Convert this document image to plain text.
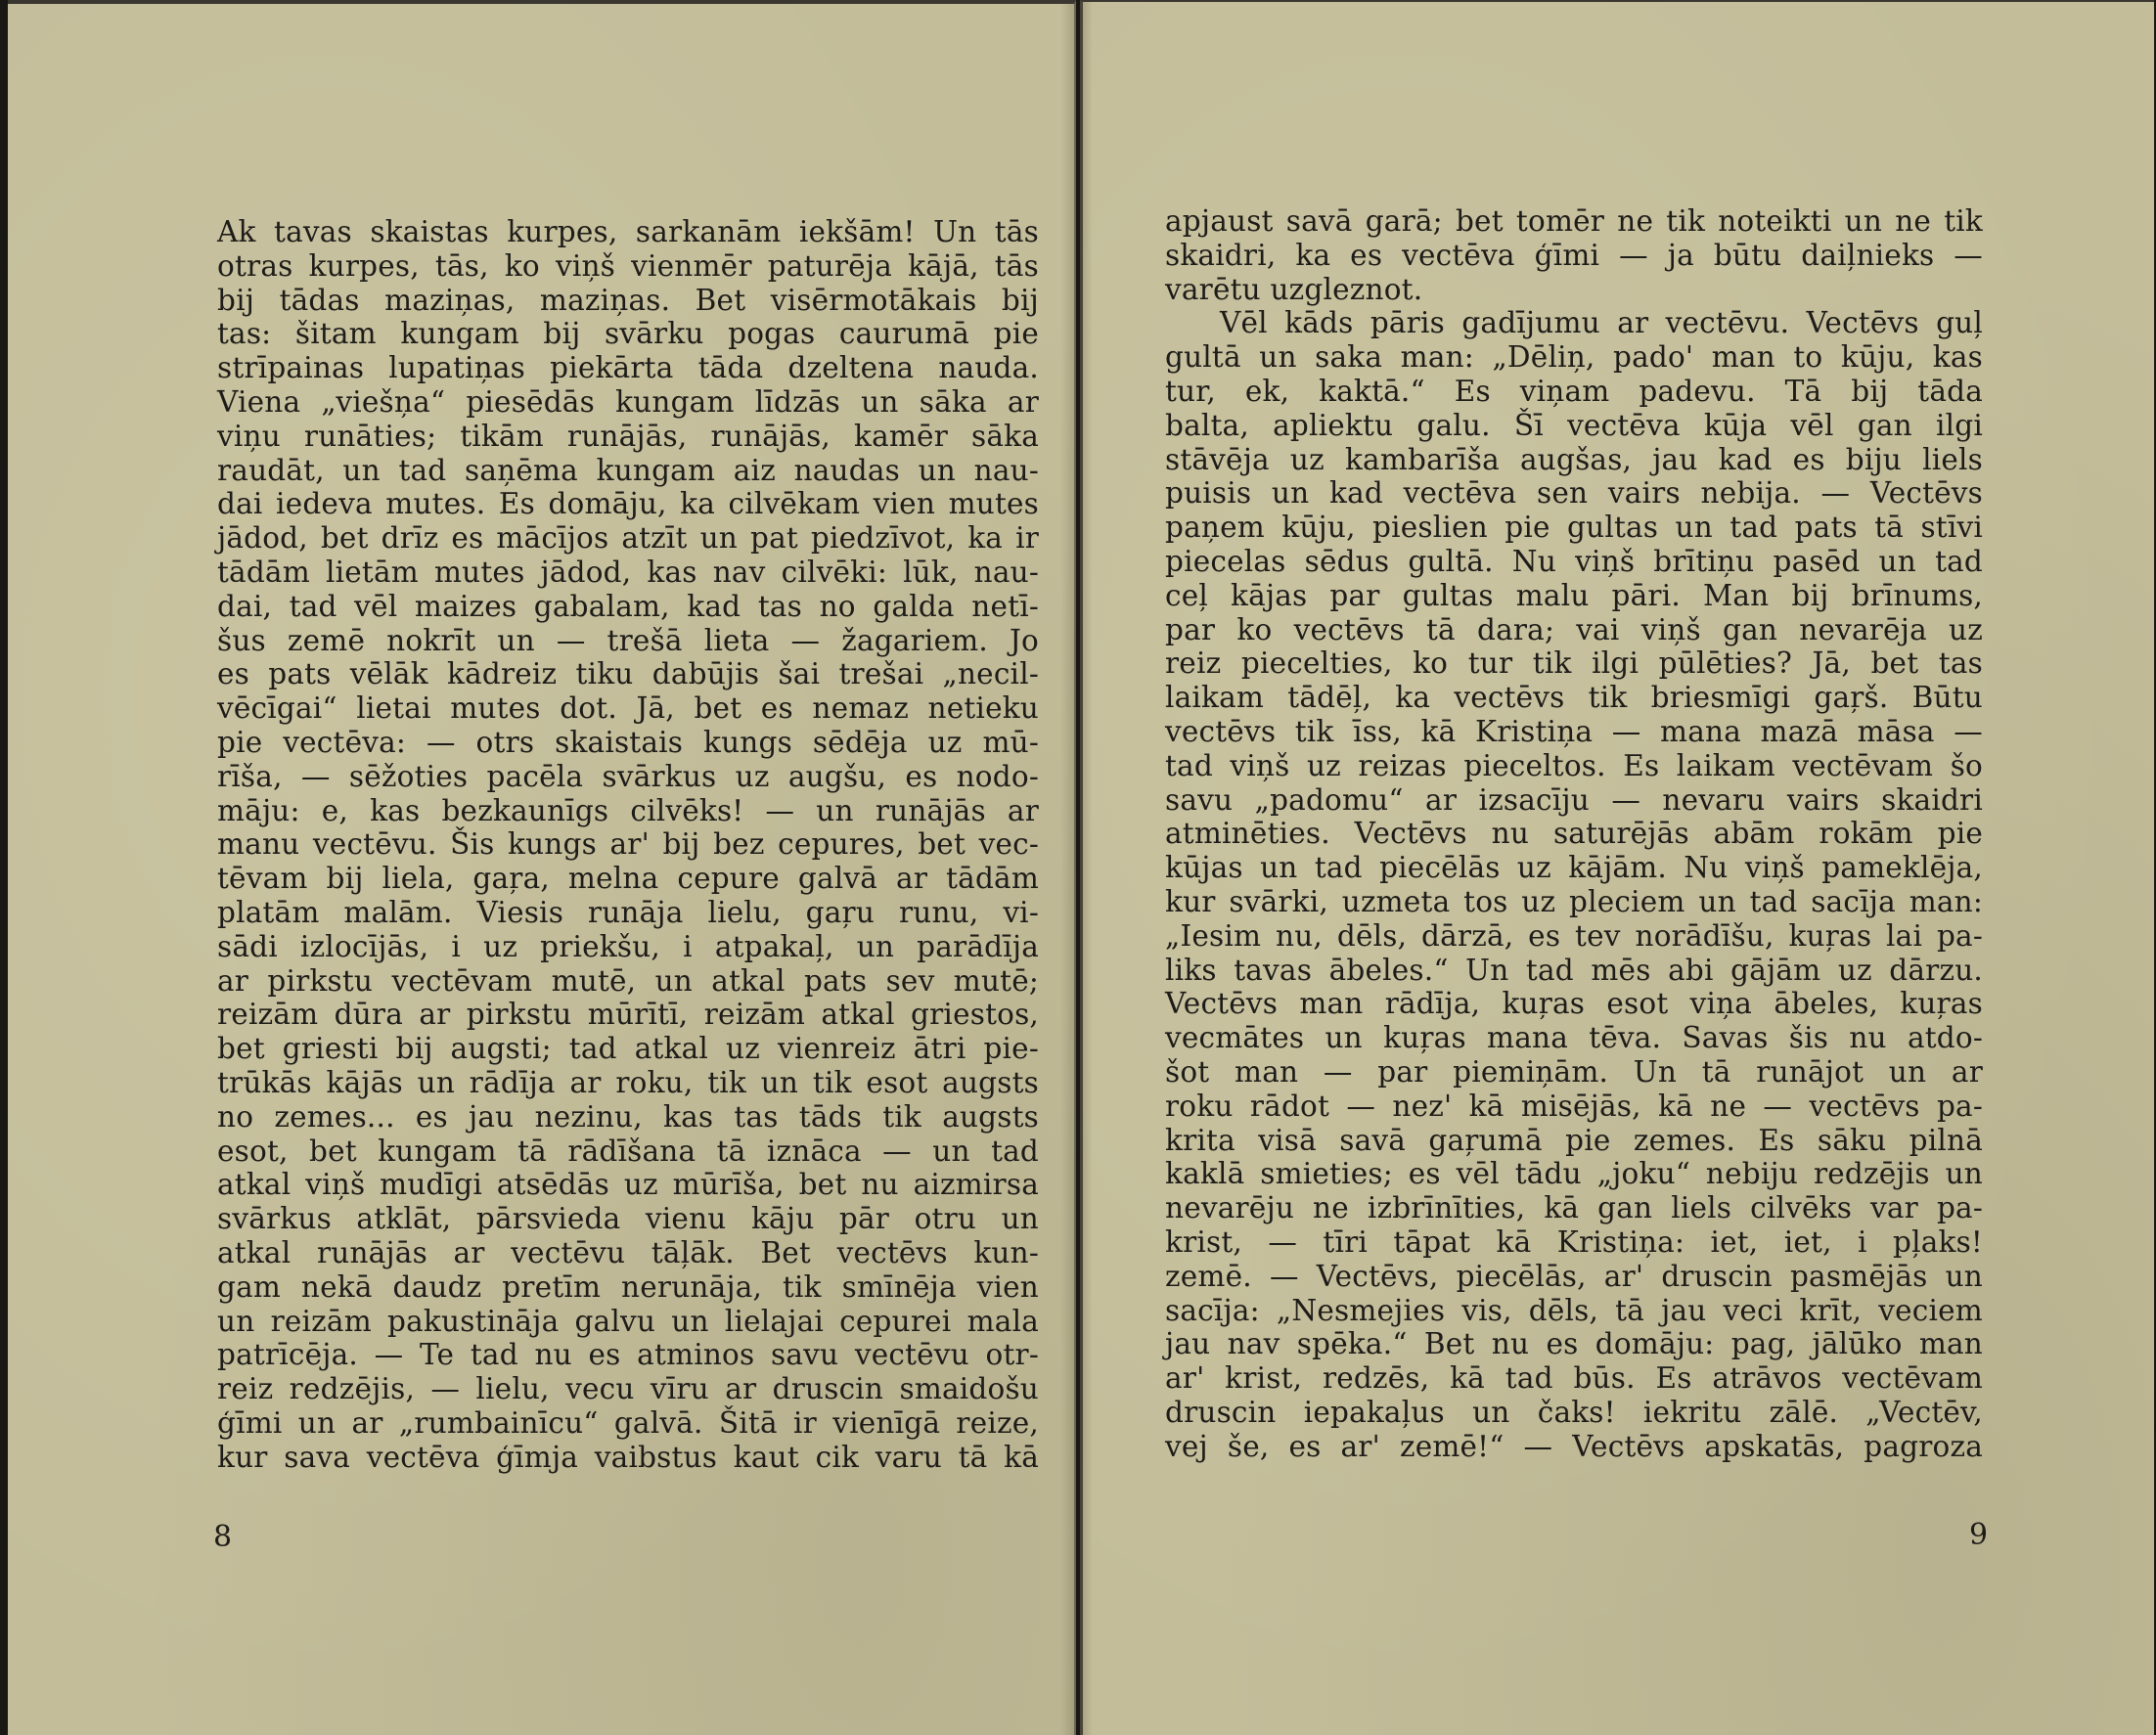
Ak tavas skaistas kurpes, sarkanām iekšām! Un tās
otras kurpes, tās, ko viņš vienmēr paturēja kājā, tās
bij tādas maziņas, maziņas. Bet visērmotākais bij
tas: šitam kungam bij svārku pogas caurumā pie
strīpainas lupatiņas piekārta tāda dzeltena nauda.
Viena „viešņa“ piesēdās kungam līdzās un sāka ar
viņu runāties; tikām runājās, runājās, kamēr sāka
raudāt, un tad saņēma kungam aiz naudas un nau-
dai iedeva mutes. Es domāju, ka cilvēkam vien mutes
jādod, bet drīz es mācījos atzīt un pat piedzīvot, ka ir
tādām lietām mutes jādod, kas nav cilvēki: lūk, nau-
dai, tad vēl maizes gabalam, kad tas no galda netī-
šus zemē nokrīt un — trešā lieta — žagariem. Jo
es pats vēlāk kādreiz tiku dabūjis šai trešai „necil-
vēcīgai“ lietai mutes dot. Jā, bet es nemaz netieku
pie vectēva: — otrs skaistais kungs sēdēja uz mū-
rīša, — sēžoties pacēla svārkus uz augšu, es nodo-
māju: e, kas bezkaunīgs cilvēks! — un runājās ar
manu vectēvu. Šis kungs ar' bij bez cepures, bet vec-
tēvam bij liela, gaŗa, melna cepure galvā ar tādām
platām malām. Viesis runāja lielu, gaŗu runu, vi-
sādi izlocījās, i uz priekšu, i atpakaļ, un parādīja
ar pirkstu vectēvam mutē, un atkal pats sev mutē;
reizām dūra ar pirkstu mūrītī, reizām atkal griestos,
bet griesti bij augsti; tad atkal uz vienreiz ātri pie-
trūkās kājās un rādīja ar roku, tik un tik esot augsts
no zemes... es jau nezinu, kas tas tāds tik augsts
esot, bet kungam tā rādīšana tā iznāca — un tad
atkal viņš mudīgi atsēdās uz mūrīša, bet nu aizmirsa
svārkus atklāt, pārsvieda vienu kāju pār otru un
atkal runājās ar vectēvu tāļāk. Bet vectēvs kun-
gam nekā daudz pretīm nerunāja, tik smīnēja vien
un reizām pakustināja galvu un lielajai cepurei mala
patrīcēja. — Te tad nu es atminos savu vectēvu otr-
reiz redzējis, — lielu, vecu vīru ar druscin smaidošu
ģīmi un ar „rumbainīcu“ galvā. Šitā ir vienīgā reize,
kur sava vectēva ģīmja vaibstus kaut cik varu tā kā
8
apjaust savā garā; bet tomēr ne tik noteikti un ne tik
skaidri, ka es vectēva ģīmi — ja būtu daiļnieks —
varētu uzgleznot.
Vēl kāds pāris gadījumu ar vectēvu. Vectēvs guļ
gultā un saka man: „Dēliņ, pado' man to kūju, kas
tur, ek, kaktā.“ Es viņam padevu. Tā bij tāda
balta, apliektu galu. Šī vectēva kūja vēl gan ilgi
stāvēja uz kambarīša augšas, jau kad es biju liels
puisis un kad vectēva sen vairs nebija. — Vectēvs
paņem kūju, pieslien pie gultas un tad pats tā stīvi
piecelas sēdus gultā. Nu viņš brītiņu pasēd un tad
ceļ kājas par gultas malu pāri. Man bij brīnums,
par ko vectēvs tā dara; vai viņš gan nevarēja uz
reiz piecelties, ko tur tik ilgi pūlēties? Jā, bet tas
laikam tādēļ, ka vectēvs tik briesmīgi gaŗš. Būtu
vectēvs tik īss, kā Kristiņa — mana mazā māsa —
tad viņš uz reizas pieceltos. Es laikam vectēvam šo
savu „padomu“ ar izsacīju — nevaru vairs skaidri
atminēties. Vectēvs nu saturējās abām rokām pie
kūjas un tad piecēlās uz kājām. Nu viņš pameklēja,
kur svārki, uzmeta tos uz pleciem un tad sacīja man:
„Iesim nu, dēls, dārzā, es tev norādīšu, kuŗas lai pa-
liks tavas ābeles.“ Un tad mēs abi gājām uz dārzu.
Vectēvs man rādīja, kuŗas esot viņa ābeles, kuŗas
vecmātes un kuŗas mana tēva. Savas šis nu atdo-
šot man — par piemiņām. Un tā runājot un ar
roku rādot — nez' kā misējās, kā ne — vectēvs pa-
krita visā savā gaŗumā pie zemes. Es sāku pilnā
kaklā smieties; es vēl tādu „joku“ nebiju redzējis un
nevarēju ne izbrīnīties, kā gan liels cilvēks var pa-
krist, — tīri tāpat kā Kristiņa: iet, iet, i pļaks!
zemē. — Vectēvs, piecēlās, ar' druscin pasmējās un
sacīja: „Nesmejies vis, dēls, tā jau veci krīt, veciem
jau nav spēka.“ Bet nu es domāju: pag, jālūko man
ar' krist, redzēs, kā tad būs. Es atrāvos vectēvam
druscin iepakaļus un čaks! iekritu zālē. „Vectēv,
vej še, es ar' zemē!“ — Vectēvs apskatās, pagroza
9
